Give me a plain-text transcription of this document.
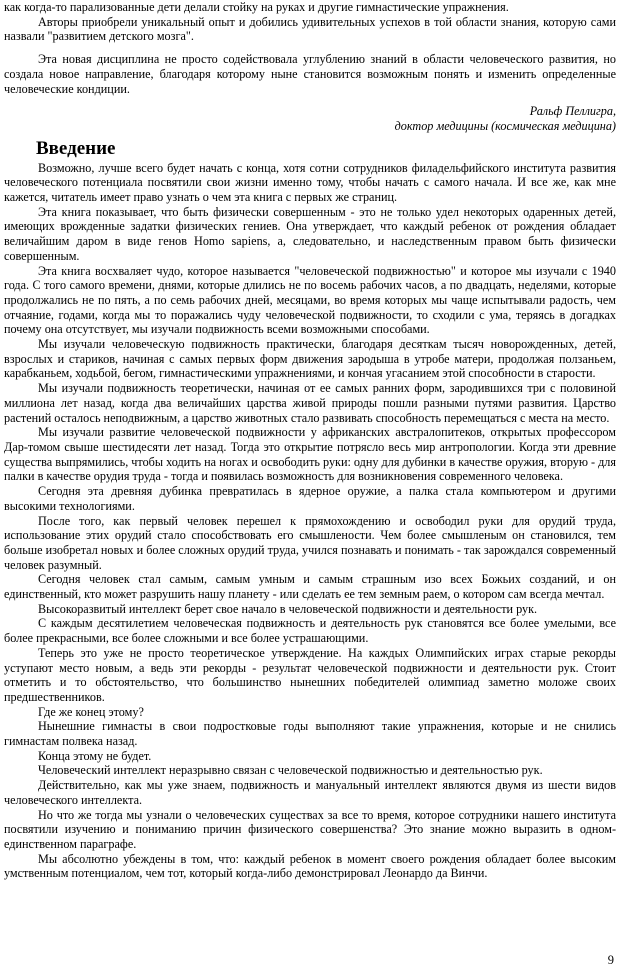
как когда-то парализованные дети делали стойку на руках и другие гимнастические упражнения.

Авторы приобрели уникальный опыт и добились удивительных успехов в той области знания, которую сами назвали "развитием детского мозга".

Эта новая дисциплина не просто содействовала углублению знаний в области человеческого развития, но создала новое направление, благодаря которому ныне становится возможным понять и изменить определенные человеческие кондиции.

Ральф Пеллигра,
доктор медицины (космическая медицина)
Введение

Возможно, лучше всего будет начать с конца, хотя сотни сотрудников филадельфийского института развития человеческого потенциала посвятили свои жизни именно тому, чтобы начать с самого начала. И все же, как мне кажется, читатель имеет право узнать о чем эта книга с первых же страниц.

Эта книга показывает, что быть физически совершенным - это не только удел некоторых одаренных детей, имеющих врожденные задатки физических гениев. Она утверждает, что каждый ребенок от рождения обладает величайшим даром в виде генов Homo sapiens, а, следовательно, и наследственным правом быть физически совершенным.

Эта книга восхваляет чудо, которое называется "человеческой подвижностью" и которое мы изучали с 1940 года. С того самого времени, днями, которые длились не по восемь рабочих часов, а по двадцать, неделями, которые продолжались не по пять, а по семь рабочих дней, месяцами, во время которых мы чаще испытывали радость, чем отчаяние, годами, когда мы то поражались чуду человеческой подвижности, то сходили с ума, теряясь в догадках почему она отсутствует, мы изучали подвижность всеми возможными способами.

Мы изучали человеческую подвижность практически, благодаря десяткам тысяч новорожденных, детей, взрослых и стариков, начиная с самых первых форм движения зародыша в утробе матери, продолжая ползаньем, карабканьем, ходьбой, бегом, гимнастическими упражнениями, и кончая угасанием этой способности в старости.

Мы изучали подвижность теоретически, начиная от ее самых ранних форм, зародившихся три с половиной миллиона лет назад, когда два величайших царства живой природы пошли разными путями развития. Царство растений осталось неподвижным, а царство животных стало развивать способность перемещаться с места на место.

Мы изучали развитие человеческой подвижности у африканских австралопитеков, открытых профессором Дар-томом свыше шестидесяти лет назад. Тогда это открытие потрясло весь мир антропологии. Когда эти древние существа выпрямились, чтобы ходить на ногах и освободить руки: одну для дубинки в качестве оружия, вторую - для палки в качестве орудия труда - тогда и появилась возможность для возникновения современного человека.

Сегодня эта древняя дубинка превратилась в ядерное оружие, а палка стала компьютером и другими высокими технологиями.

После того, как первый человек перешел к прямохождению и освободил руки для орудий труда, использование этих орудий стало способствовать его смышлености. Чем более смышленым он становился, тем больше изобретал новых и более сложных орудий труда, учился познавать и понимать - так зарождался современный человек разумный.

Сегодня человек стал самым, самым умным и самым страшным изо всех Божьих созданий, и он единственный, кто может разрушить нашу планету - или сделать ее тем земным раем, о котором сам всегда мечтал.

Высокоразвитый интеллект берет свое начало в человеческой подвижности и деятельности рук.

С каждым десятилетием человеческая подвижность и деятельность рук становятся все более умелыми, все более прекрасными, все более сложными и все более устрашающими.

Теперь это уже не просто теоретическое утверждение. На каждых Олимпийских играх старые рекорды уступают место новым, а ведь эти рекорды - результат человеческой подвижности и деятельности рук. Стоит отметить и то обстоятельство, что большинство нынешних победителей олимпиад заметно моложе своих предшественников.

Где же конец этому?

Нынешние гимнасты в свои подростковые годы выполняют такие упражнения, которые и не снились гимнастам полвека назад.

Конца этому не будет.

Человеческий интеллект неразрывно связан с человеческой подвижностью и деятельностью рук.

Действительно, как мы уже знаем, подвижность и мануальный интеллект являются двумя из шести видов человеческого интеллекта.

Но что же тогда мы узнали о человеческих существах за все то время, которое сотрудники нашего института посвятили изучению и пониманию причин физического совершенства? Это знание можно выразить в одном-единственном параграфе.

Мы абсолютно убеждены в том, что: каждый ребенок в момент своего рождения обладает более высоким умственным потенциалом, чем тот, который когда-либо демонстрировал Леонардо да Винчи.

9
